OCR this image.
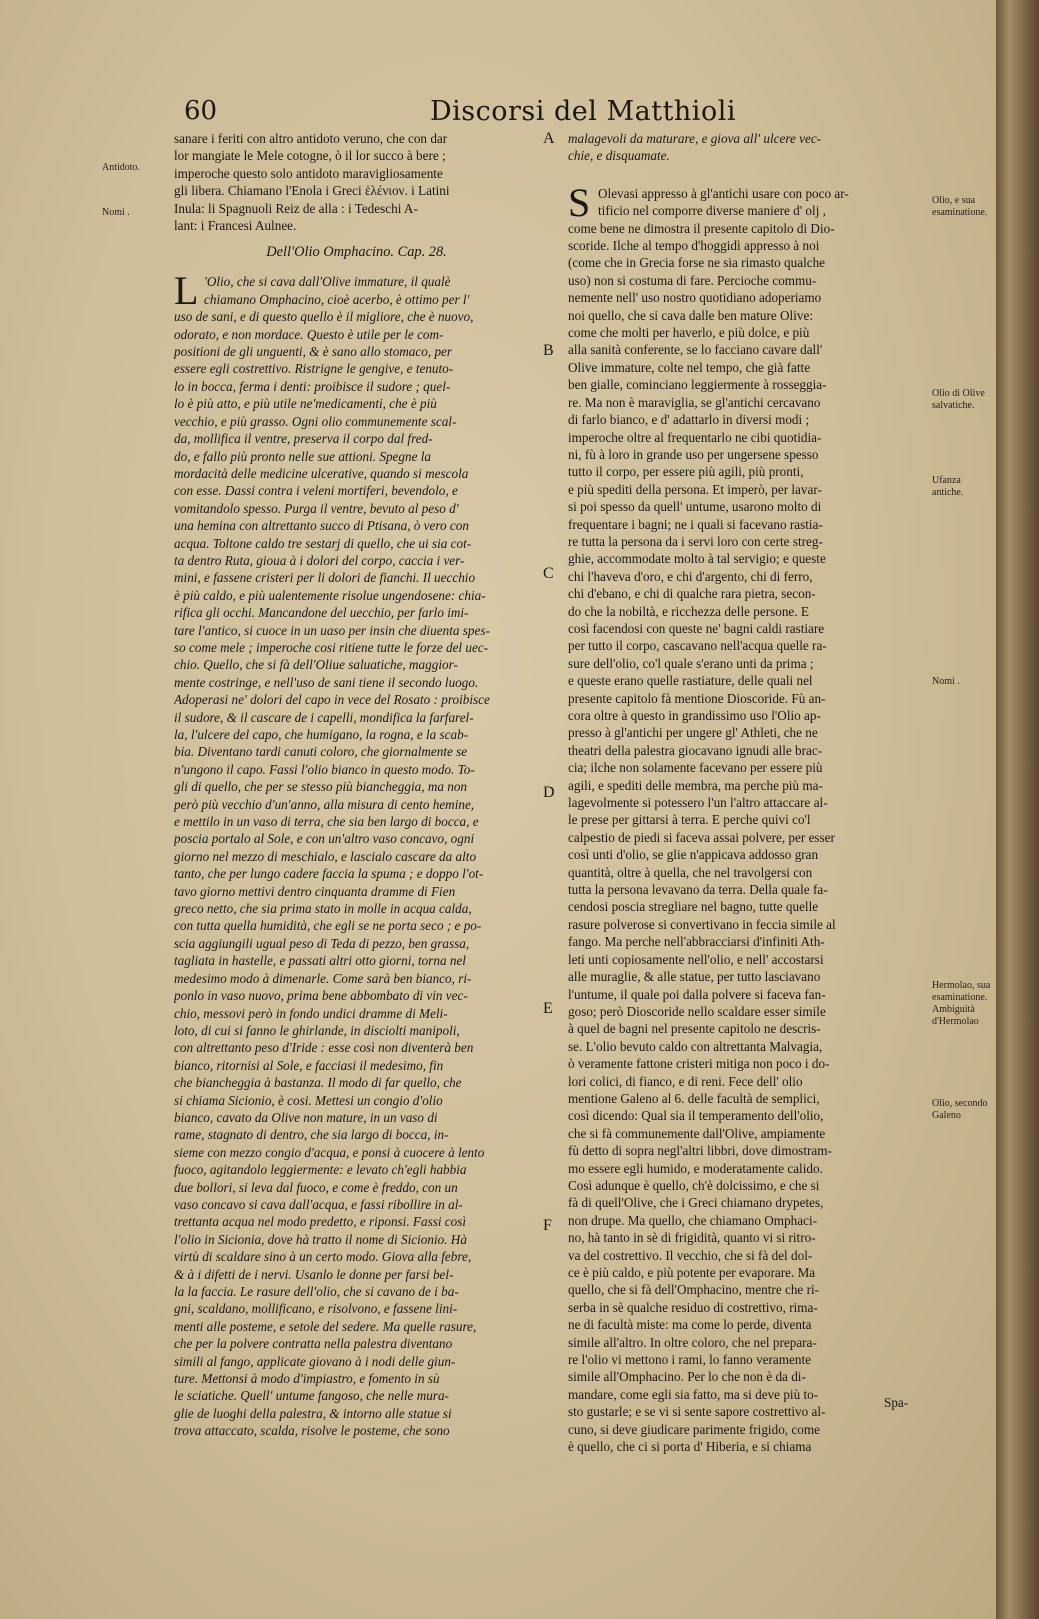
60	Discorsi del Matthioli
Antidoto.
Nomi .
A
B
C
D
E
F
Olio, e sua esaminatione.
Olio di Olive salvatiche.
Ufanza antiche.
Nomi .
Hermolao, sua esaminatione. Ambiguità d'Hermolao
Olio, secondo Galeno
sanare i feriti con altro antidoto veruno, che con dar
lor mangiate le Mele cotogne, ò il lor succo à bere ;
imperoche questo solo antidoto maravigliosamente
gli libera. Chiamano l'Enola i Greci ἑλένιον. i Latini
Inula: li Spagnuoli Reiz de alla : i Tedeschi A-
lant: i Francesi Aulnee.
Dell'Olio Omphacino. Cap. 28.
L 'Olio, che si cava dall'Olive immature, il qualè
chiamano Omphacino, cioè acerbo, è ottimo per l'
uso de sani, e di questo quello è il migliore, che è nuovo,
odorato, e non mordace. Questo è utile per le com-
positioni de gli unguenti, & è sano allo stomaco, per
essere egli costrettivo. Ristrigne le gengive, e tenuto-
lo in bocca, ferma i denti: proibisce il sudore ; quel-
lo è più atto, e più utile ne'medicamenti, che è più
vecchio, e più grasso. Ogni olio communemente scal-
da, mollifica il ventre, preserva il corpo dal fred-
do, e fallo più pronto nelle sue attioni. Spegne la
mordacità delle medicine ulcerative, quando si mescola
con esse. Dassi contra i veleni mortiferi, bevendolo, e
vomitandolo spesso. Purga il ventre, bevuto al peso d'
una hemina con altrettanto succo di Ptisana, ò vero con
acqua. Toltone caldo tre sestarj di quello, che ui sia cot-
ta dentro Ruta, gioua à i dolori del corpo, caccia i ver-
mini, e fassene cristeri per li dolori de fianchi. Il uecchio
è più caldo, e più ualentemente risolue ungendosene: chia-
rifica gli occhi. Mancandone del uecchio, per farlo imi-
tare l'antico, si cuoce in un uaso per insin che diuenta spes-
so come mele ; imperoche cosi ritiene tutte le forze del uec-
chio. Quello, che si fà dell'Oliue saluatiche, maggior-
mente costringe, e nell'uso de sani tiene il secondo luogo.
Adoperasi ne' dolori del capo in vece del Rosato : proibisce
il sudore, & il cascare de i capelli, mondifica la farfarel-
la, l'ulcere del capo, che humigano, la rogna, e la scab-
bia. Diventano tardi canuti coloro, che giornalmente se
n'ungono il capo. Fassi l'olio bianco in questo modo. To-
gli di quello, che per se stesso più biancheggia, ma non
però più vecchio d'un'anno, alla misura di cento hemine,
e mettilo in un vaso di terra, che sia ben largo di bocca, e
poscia portalo al Sole, e con un'altro vaso concavo, ogni
giorno nel mezzo di meschialo, e lascialo cascare da alto
tanto, che per lungo cadere faccia la spuma ; e doppo l'ot-
tavo giorno mettivi dentro cinquanta dramme di Fien
greco netto, che sia prima stato in molle in acqua calda,
con tutta quella humidità, che egli se ne porta seco ; e po-
scia aggiungili ugual peso di Teda di pezzo, ben grassa,
tagliata in hastelle, e passati altri otto giorni, torna nel
medesimo modo à dimenarle. Come sarà ben bianco, ri-
ponlo in vaso nuovo, prima bene abbombato di vin vec-
chio, messovi però in fondo undici dramme di Meli-
loto, di cui si fanno le ghirlande, in disciolti manipoli,
con altrettanto peso d'Iride : esse così non diventerà ben
bianco, ritornisi al Sole, e facciasi il medesimo, fin
che biancheggia à bastanza. Il modo di far quello, che
si chiama Sicionio, è cosi. Mettesi un congio d'olio
bianco, cavato da Olive non mature, in un vaso di
rame, stagnato di dentro, che sia largo di bocca, in-
sieme con mezzo congio d'acqua, e ponsi à cuocere à lento
fuoco, agitandolo leggiermente: e levato ch'egli habbia
due bollori, si leva dal fuoco, e come è freddo, con un
vaso concavo si cava dall'acqua, e fassi ribollire in al-
trettanta acqua nel modo predetto, e riponsi. Fassi così
l'olio in Sicionia, dove hà tratto il nome di Sicionio. Hà
virtù di scaldare sino à un certo modo. Giova alla febre,
& à i difetti de i nervi. Usanlo le donne per farsi bel-
la la faccia. Le rasure dell'olio, che si cavano de i ba-
gni, scaldano, mollificano, e risolvono, e fassene lini-
menti alle posteme, e setole del sedere. Ma quelle rasure,
che per la polvere contratta nella palestra diventano
simili al fango, applicate giovano à i nodi delle giun-
ture. Mettonsi à modo d'impiastro, e fomento in sù
le sciatiche. Quell' untume fangoso, che nelle mura-
glie de luoghi della palestra, & intorno alle statue si
trova attaccato, scalda, risolve le posteme, che sono
malagevoli da maturare, e giova all' ulcere vec-
chie, e disquamate.
S Olevasi appresso à gl'antichi usare con poco ar-
tificio nel comporre diverse maniere d' olj ,
come bene ne dimostra il presente capitolo di Dio-
scoride. Ilche al tempo d'hoggidì appresso à noi
(come che in Grecia forse ne sia rimasto qualche
uso) non si costuma di fare. Percioche commu-
nemente nell' uso nostro quotidiano adoperiamo
noi quello, che si cava dalle ben mature Olive:
come che molti per haverlo, e più dolce, e più
alla sanità conferente, se lo facciano cavare dall'
Olive immature, colte nel tempo, che già fatte
ben gialle, cominciano leggiermente à rosseggia-
re. Ma non è maraviglia, se gl'antichi cercavano
di farlo bianco, e d' adattarlo in diversi modi ;
imperoche oltre al frequentarlo ne cibi quotidia-
ni, fù à loro in grande uso per ungersene spesso
tutto il corpo, per essere più agili, più pronti,
e più spediti della persona. Et imperò, per lavar-
si poi spesso da quell' untume, usarono molto di
frequentare i bagni; ne i quali si facevano rastia-
re tutta la persona da i servi loro con certe streg-
ghie, accommodate molto à tal servigio; e queste
chi l'haveva d'oro, e chi d'argento, chi di ferro,
chi d'ebano, e chi di qualche rara pietra, secon-
do che la nobiltà, e ricchezza delle persone. E
così facendosi con queste ne' bagni caldi rastiare
per tutto il corpo, cascavano nell'acqua quelle ra-
sure dell'olio, co'l quale s'erano unti da prima ;
e queste erano quelle rastiature, delle quali nel
presente capitolo fà mentione Dioscoride. Fù an-
cora oltre à questo in grandissimo uso l'Olio ap-
presso à gl'antichi per ungere gl' Athleti, che ne
theatri della palestra giocavano ignudi alle brac-
cia; ilche non solamente facevano per essere più
agili, e spediti delle membra, ma perche più ma-
lagevolmente si potessero l'un l'altro attaccare al-
le prese per gittarsi à terra. E perche quivi co'l
calpestio de piedi si faceva assai polvere, per esser
così unti d'olio, se glie n'appicava addosso gran
quantità, oltre à quella, che nel travolgersi con
tutta la persona levavano da terra. Della quale fa-
cendosi poscia stregliare nel bagno, tutte quelle
rasure polverose si convertivano in feccia simile al
fango. Ma perche nell'abbracciarsi d'infiniti Ath-
leti unti copiosamente nell'olio, e nell' accostarsi
alle muraglie, & alle statue, per tutto lasciavano
l'untume, il quale poi dalla polvere si faceva fan-
goso; però Dioscoride nello scaldare esser simile
à quel de bagni nel presente capitolo ne descris-
se. L'olio bevuto caldo con altrettanta Malvagia,
ò veramente fattone cristeri mitiga non poco i do-
lori colici, di fianco, e di reni. Fece dell' olio
mentione Galeno al 6. delle facultà de semplici,
così dicendo: Qual sia il temperamento dell'olio,
che si fà communemente dall'Olive, ampiamente
fù detto di sopra negl'altri libbri, dove dimostram-
mo essere egli humido, e moderatamente calido.
Così adunque è quello, ch'è dolcissimo, e che si
fà di quell'Olive, che i Greci chiamano drypetes,
non drupe. Ma quello, che chiamano Omphaci-
no, hà tanto in sè di frigidità, quanto vi si ritro-
va del costrettivo. Il vecchio, che si fà del dol-
ce è più caldo, e più potente per evaporare. Ma
quello, che si fà dell'Omphacino, mentre che ri-
serba in sè qualche residuo di costrettivo, rima-
ne di facultà miste: ma come lo perde, diventa
simile all'altro. In oltre coloro, che nel prepara-
re l'olio vi mettono i rami, lo fanno veramente
simile all'Omphacino. Per lo che non è da di-
mandare, come egli sia fatto, ma si deve più to-
sto gustarle; e se vi si sente sapore costrettivo al-
cuno, si deve giudicare parimente frigido, come
è quello, che ci si porta d' Hiberia, e si chiama
Spa-
